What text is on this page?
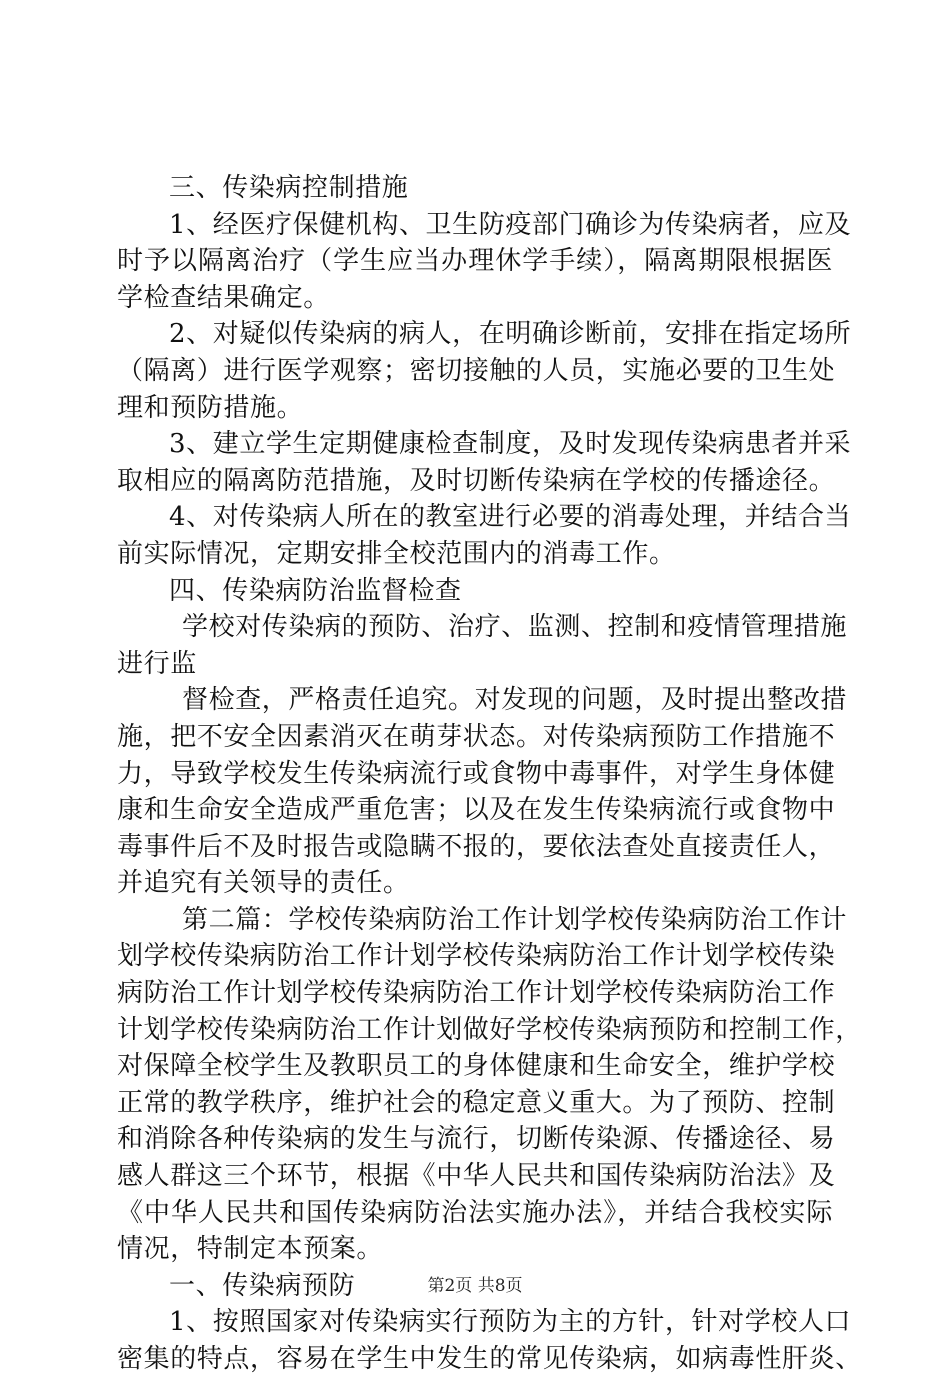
三、传染病控制措施
1、经医疗保健机构、卫生防疫部门确诊为传染病者，应及
时予以隔离治疗（学生应当办理休学手续），隔离期限根据医
学检查结果确定。
2、对疑似传染病的病人，在明确诊断前，安排在指定场所
（隔离）进行医学观察；密切接触的人员，实施必要的卫生处
理和预防措施。
3、建立学生定期健康检查制度，及时发现传染病患者并采
取相应的隔离防范措施，及时切断传染病在学校的传播途径。
4、对传染病人所在的教室进行必要的消毒处理，并结合当
前实际情况，定期安排全校范围内的消毒工作。
四、传染病防治监督检查
学校对传染病的预防、治疗、监测、控制和疫情管理措施
进行监
督检查，严格责任追究。对发现的问题，及时提出整改措
施，把不安全因素消灭在萌芽状态。对传染病预防工作措施不
力，导致学校发生传染病流行或食物中毒事件，对学生身体健
康和生命安全造成严重危害；以及在发生传染病流行或食物中
毒事件后不及时报告或隐瞒不报的，要依法查处直接责任人，
并追究有关领导的责任。
第二篇：学校传染病防治工作计划学校传染病防治工作计
划学校传染病防治工作计划学校传染病防治工作计划学校传染
病防治工作计划学校传染病防治工作计划学校传染病防治工作
计划学校传染病防治工作计划做好学校传染病预防和控制工作，
对保障全校学生及教职员工的身体健康和生命安全，维护学校
正常的教学秩序，维护社会的稳定意义重大。为了预防、控制
和消除各种传染病的发生与流行，切断传染源、传播途径、易
感人群这三个环节，根据《中华人民共和国传染病防治法》及
《中华人民共和国传染病防治法实施办法》，并结合我校实际
情况，特制定本预案。
一、传染病预防
1、按照国家对传染病实行预防为主的方针，针对学校人口
密集的特点，容易在学生中发生的常见传染病，如病毒性肝炎、
第2页 共8页
